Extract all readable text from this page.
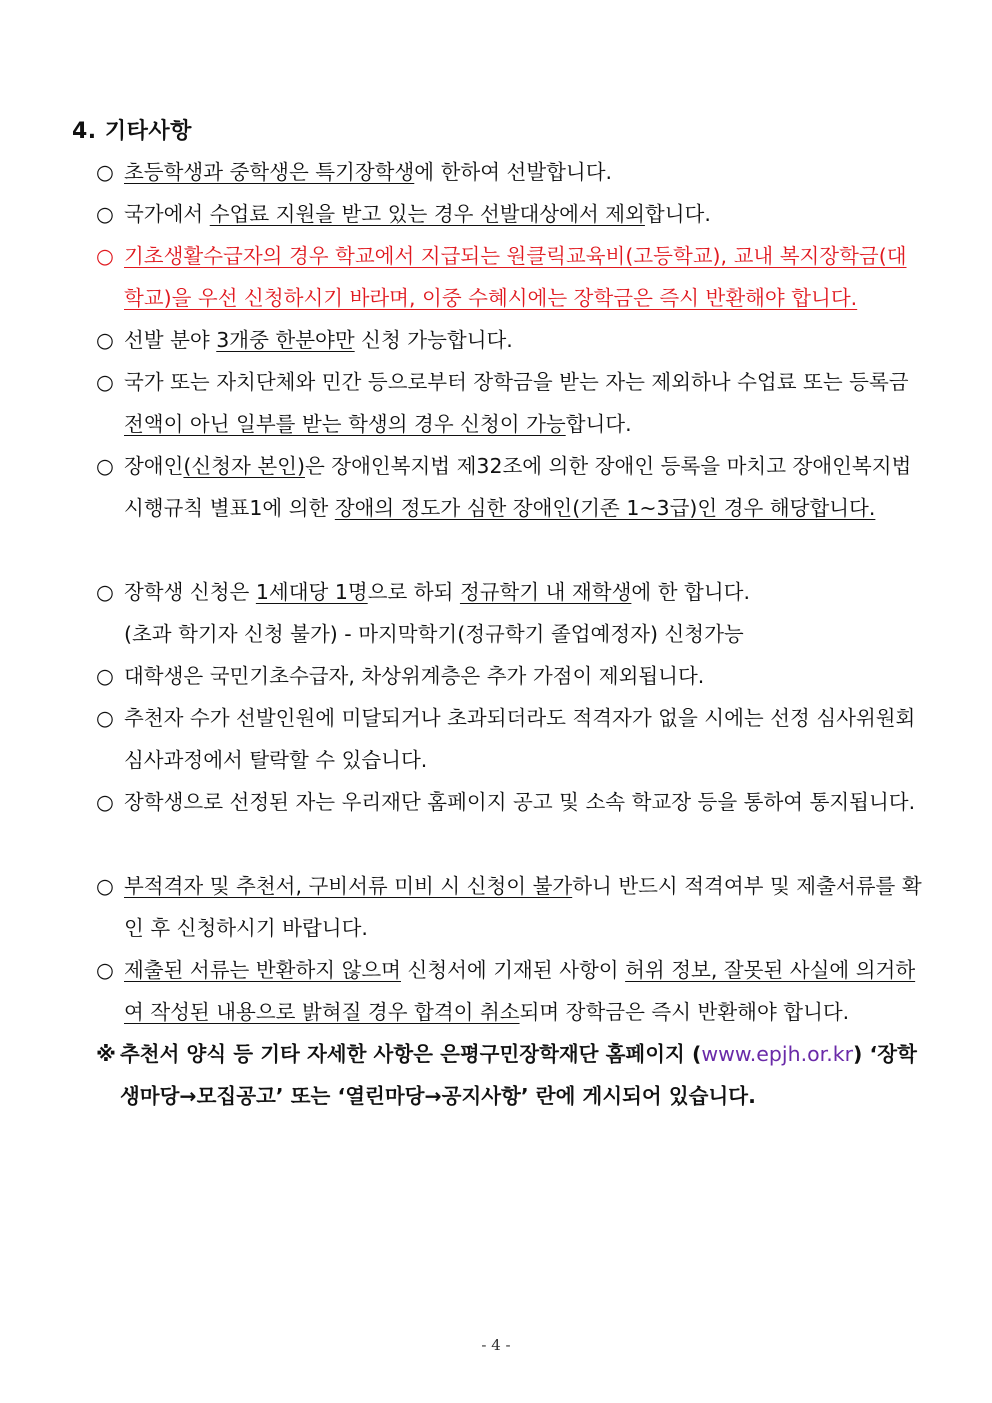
4. 기타사항
○ 초등학생과 중학생은 특기장학생에 한하여 선발합니다.
○ 국가에서 수업료 지원을 받고 있는 경우 선발대상에서 제외합니다.
○ 기초생활수급자의 경우 학교에서 지급되는 원클릭교육비(고등학교), 교내 복지장학금(대학교)을 우선 신청하시기 바라며, 이중 수혜시에는 장학금은 즉시 반환해야 합니다.
○ 선발 분야 3개중 한분야만 신청 가능합니다.
○ 국가 또는 자치단체와 민간 등으로부터 장학금을 받는 자는 제외하나 수업료 또는 등록금 전액이 아닌 일부를 받는 학생의 경우 신청이 가능합니다.
○ 장애인(신청자 본인)은 장애인복지법 제32조에 의한 장애인 등록을 마치고 장애인복지법 시행규칙 별표1에 의한 장애의 정도가 심한 장애인(기존 1~3급)인 경우 해당합니다.
○ 장학생 신청은 1세대당 1명으로 하되 정규학기 내 재학생에 한 합니다.
(초과 학기자 신청 불가) - 마지막학기(정규학기 졸업예정자) 신청가능
○ 대학생은 국민기초수급자, 차상위계층은 추가 가점이 제외됩니다.
○ 추천자 수가 선발인원에 미달되거나 초과되더라도 적격자가 없을 시에는 선정 심사위원회 심사과정에서 탈락할 수 있습니다.
○ 장학생으로 선정된 자는 우리재단 홈페이지 공고 및 소속 학교장 등을 통하여 통지됩니다.
○ 부적격자 및 추천서, 구비서류 미비 시 신청이 불가하니 반드시 적격여부 및 제출서류를 확인 후 신청하시기 바랍니다.
○ 제출된 서류는 반환하지 않으며 신청서에 기재된 사항이 허위 정보, 잘못된 사실에 의거하여 작성된 내용으로 밝혀질 경우 합격이 취소되며 장학금은 즉시 반환해야 합니다.
※ 추천서 양식 등 기타 자세한 사항은 은평구민장학재단 홈페이지 (www.epjh.or.kr) ‘장학생마당→모집공고’ 또는 ‘열린마당→공지사항’ 란에 게시되어 있습니다.
- 4 -
